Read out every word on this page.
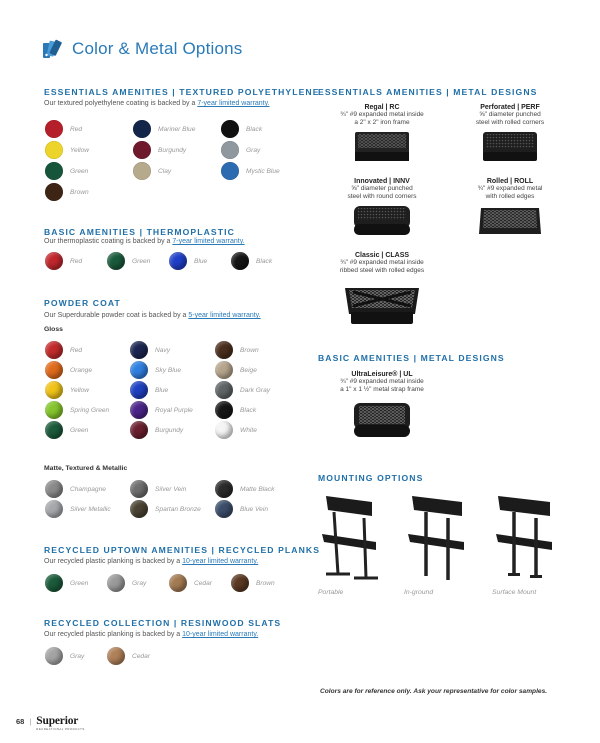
Color & Metal Options
ESSENTIALS AMENITIES | TEXTURED POLYETHYLENE
Our textured polyethylene coating is backed by a 7-year limited warranty.
Red	Mariner Blue	Black
Yellow	Burgundy	Gray
Green	Clay	Mystic Blue
Brown
BASIC AMENITIES | THERMOPLASTIC
Our thermoplastic coating is backed by a 7-year limited warranty.
Red	Green	Blue	Black
POWDER COAT
Our Superdurable powder coat is backed by a 5-year limited warranty.
Gloss
Red	Navy	Brown
Orange	Sky Blue	Beige
Yellow	Blue	Dark Gray
Spring Green	Royal Purple	Black
Green	Burgundy	White
Matte, Textured & Metallic
Champagne	Silver Vein	Matte Black
Silver Metallic	Spartan Bronze	Blue Vein
RECYCLED UPTOWN AMENITIES | RECYCLED PLANKS
Our recycled plastic planking is backed by a 10-year limited warranty.
Green	Gray	Cedar	Brown
RECYCLED COLLECTION | RESINWOOD SLATS
Our recycled plastic planking is backed by a 10-year limited warranty.
Gray	Cedar
ESSENTIALS AMENITIES | METAL DESIGNS
Regal | RC
¾" #9 expanded metal inside
a 2" x 2" iron frame
Perforated | PERF
⅝" diameter punched
steel with rolled corners
Innovated | INNV
⅝" diameter punched
steel with round corners
Rolled | ROLL
¾" #9 expanded metal
with rolled edges
Classic | CLASS
¾" #9 expanded metal inside
ribbed steel with rolled edges
BASIC AMENITIES | METAL DESIGNS
UltraLeisure® | UL
¾" #9 expanded metal inside
a 1" x 1 ½" metal strap frame
MOUNTING OPTIONS
Portable	In-ground	Surface Mount
Colors are for reference only. Ask your representative for color samples.
68 | Superior
RECREATIONAL PRODUCTS
